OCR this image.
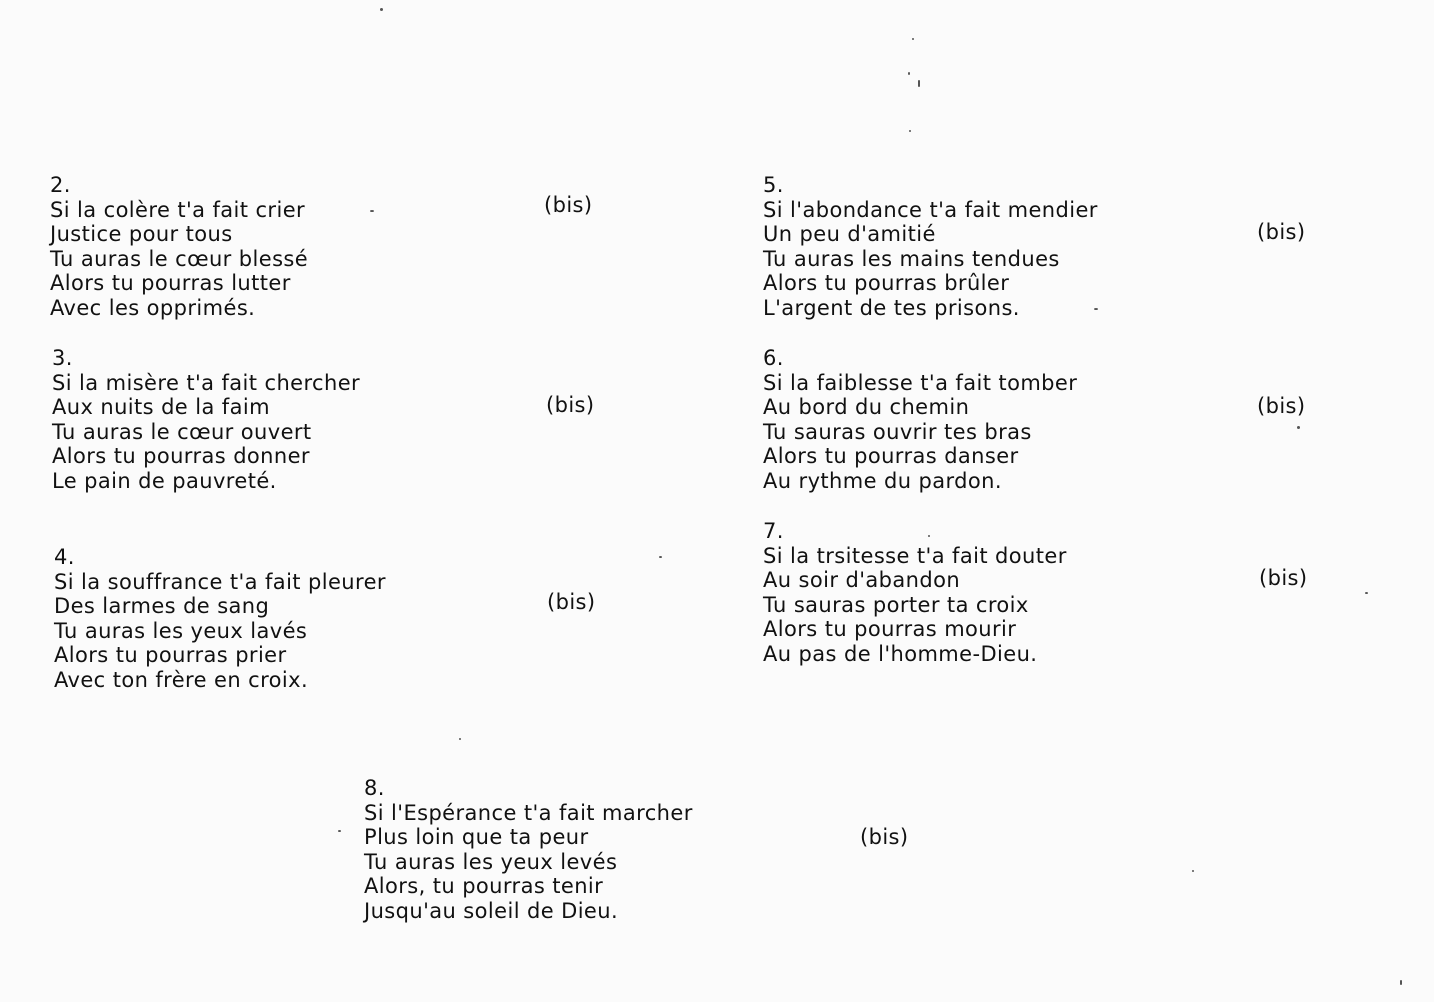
2.
Si la colère t'a fait crier
Justice pour tous
Tu auras le cœur blessé
Alors tu pourras lutter
Avec les opprimés.
(bis)
3.
Si la misère t'a fait chercher
Aux nuits de la faim
Tu auras le cœur ouvert
Alors tu pourras donner
Le pain de pauvreté.
(bis)
4.
Si la souffrance t'a fait pleurer
Des larmes de sang
Tu auras les yeux lavés
Alors tu pourras prier
Avec ton frère en croix.
(bis)
5.
Si l'abondance t'a fait mendier
Un peu d'amitié
Tu auras les mains tendues
Alors tu pourras brûler
L'argent de tes prisons.
(bis)
6.
Si la faiblesse t'a fait tomber
Au bord du chemin
Tu sauras ouvrir tes bras
Alors tu pourras danser
Au rythme du pardon.
(bis)
7.
Si la trsitesse t'a fait douter
Au soir d'abandon
Tu sauras porter ta croix
Alors tu pourras mourir
Au pas de l'homme-Dieu.
(bis)
8.
Si l'Espérance t'a fait marcher
Plus loin que ta peur
Tu auras les yeux levés
Alors, tu pourras tenir
Jusqu'au soleil de Dieu.
(bis)
